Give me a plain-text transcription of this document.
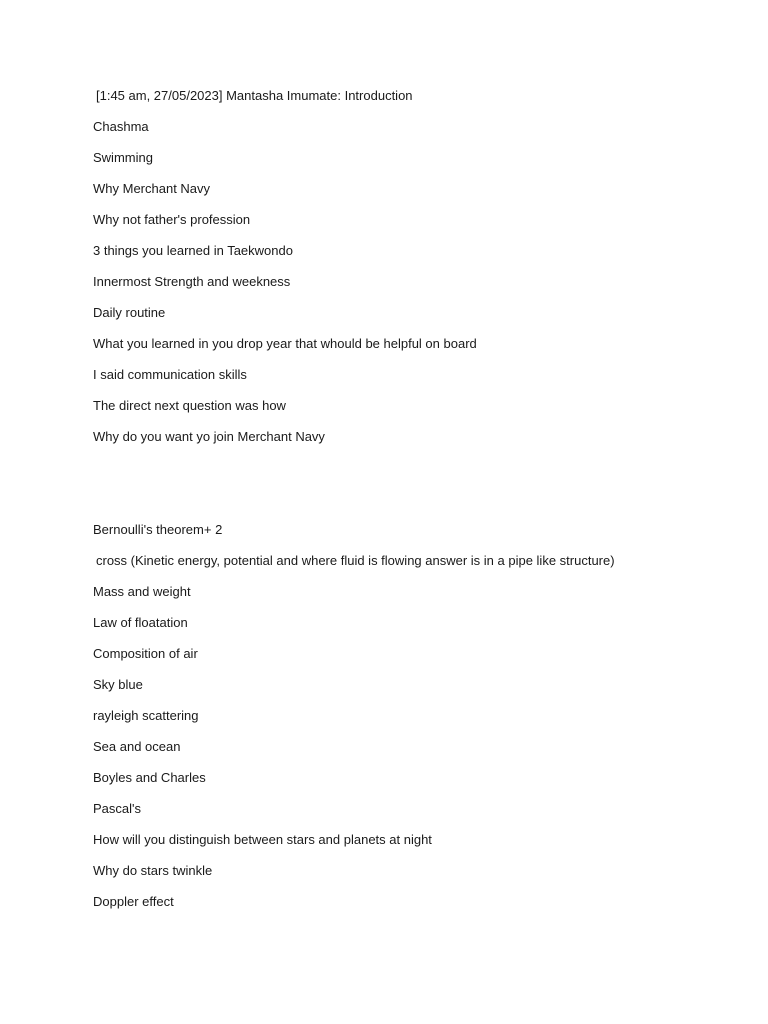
[1:45 am, 27/05/2023] Mantasha Imumate: Introduction
Chashma
Swimming
Why Merchant Navy
Why not father's profession
3 things you learned in Taekwondo
Innermost Strength and weekness
Daily routine
What you learned in you drop year that whould be helpful on board
I said communication skills
The direct next question was how
Why do you want yo join Merchant Navy
Bernoulli's theorem+ 2
cross (Kinetic energy, potential and where fluid is flowing answer is in a pipe like structure)
Mass and weight
Law of floatation
Composition of air
Sky blue
rayleigh scattering
Sea and ocean
Boyles and Charles
Pascal's
How will you distinguish between stars and planets at night
Why do stars twinkle
Doppler effect
